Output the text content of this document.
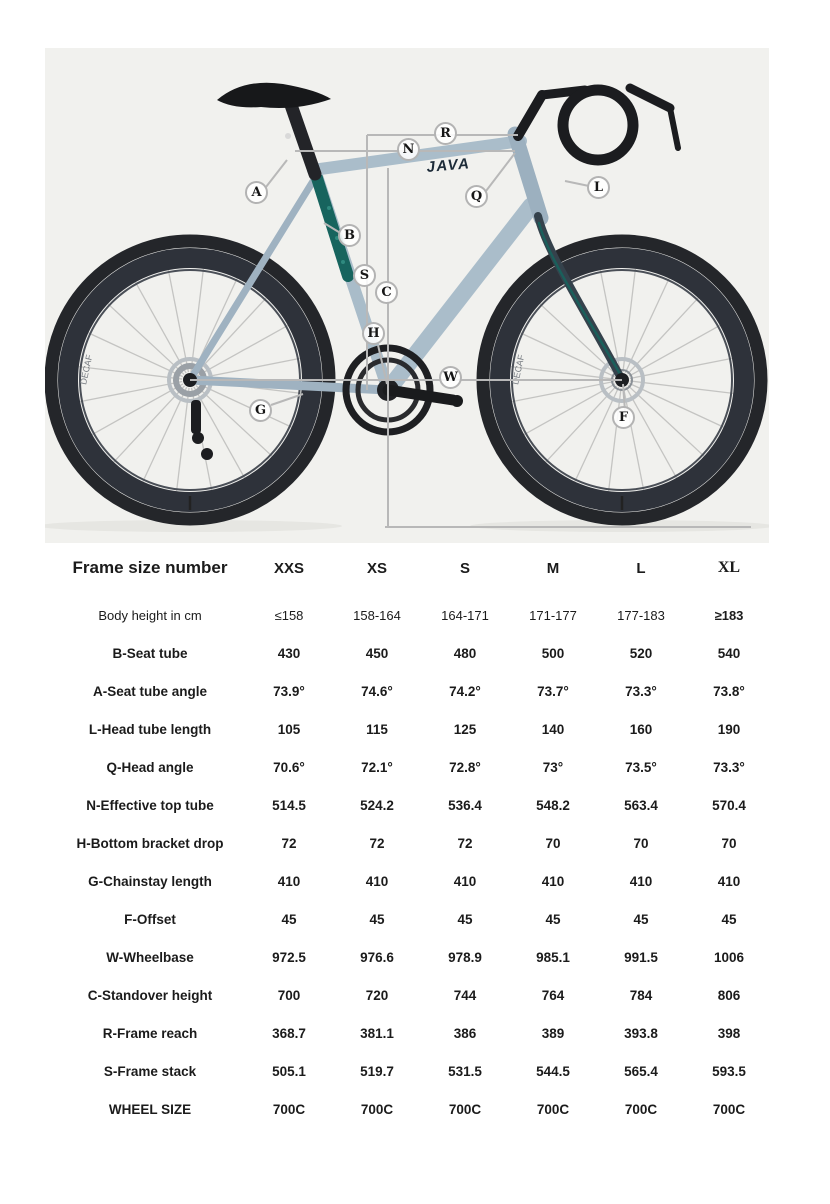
DECAF	DECAF
JAVA
A
B
S
C
H
N
R
Q
L
W
G	F
Frame size number	XXS	XS	S	M	L	XL
Body height in cm	≤158	158-164	164-171	171-177	177-183	≥183
B-Seat tube	430	450	480	500	520	540
A-Seat tube angle	73.9°	74.6°	74.2°	73.7°	73.3°	73.8°
L-Head tube length	105	115	125	140	160	190
Q-Head angle	70.6°	72.1°	72.8°	73°	73.5°	73.3°
N-Effective top tube	514.5	524.2	536.4	548.2	563.4	570.4
H-Bottom bracket drop	72	72	72	70	70	70
G-Chainstay length	410	410	410	410	410	410
F-Offset	45	45	45	45	45	45
W-Wheelbase	972.5	976.6	978.9	985.1	991.5	1006
C-Standover height	700	720	744	764	784	806
R-Frame reach	368.7	381.1	386	389	393.8	398
S-Frame stack	505.1	519.7	531.5	544.5	565.4	593.5
WHEEL SIZE	700C	700C	700C	700C	700C	700C
